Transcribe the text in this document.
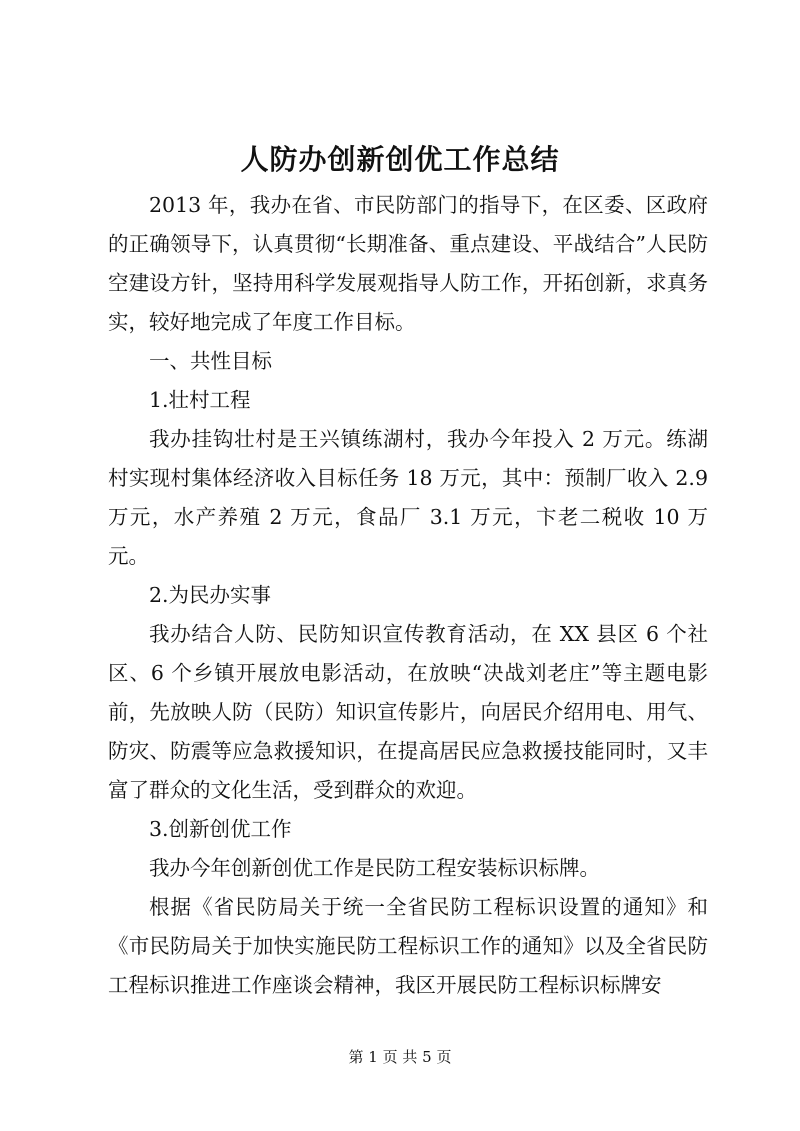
人防办创新创优工作总结

2013 年，我办在省、市民防部门的指导下，在区委、区政府的正确领导下，认真贯彻“长期准备、重点建设、平战结合”人民防空建设方针，坚持用科学发展观指导人防工作，开拓创新，求真务实，较好地完成了年度工作目标。

一、共性目标

1.壮村工程

我办挂钩壮村是王兴镇练湖村，我办今年投入 2 万元。练湖村实现村集体经济收入目标任务 18 万元，其中：预制厂收入 2.9 万元，水产养殖 2 万元，食品厂 3.1 万元，卞老二税收 10 万元。

2.为民办实事

我办结合人防、民防知识宣传教育活动，在 XX 县区 6 个社区、6 个乡镇开展放电影活动，在放映“决战刘老庄”等主题电影前，先放映人防（民防）知识宣传影片，向居民介绍用电、用气、防灾、防震等应急救援知识，在提高居民应急救援技能同时，又丰富了群众的文化生活，受到群众的欢迎。

3.创新创优工作

我办今年创新创优工作是民防工程安装标识标牌。

根据《省民防局关于统一全省民防工程标识设置的通知》和《市民防局关于加快实施民防工程标识工作的通知》以及全省民防工程标识推进工作座谈会精神，我区开展民防工程标识标牌安

第 1 页 共 5 页
